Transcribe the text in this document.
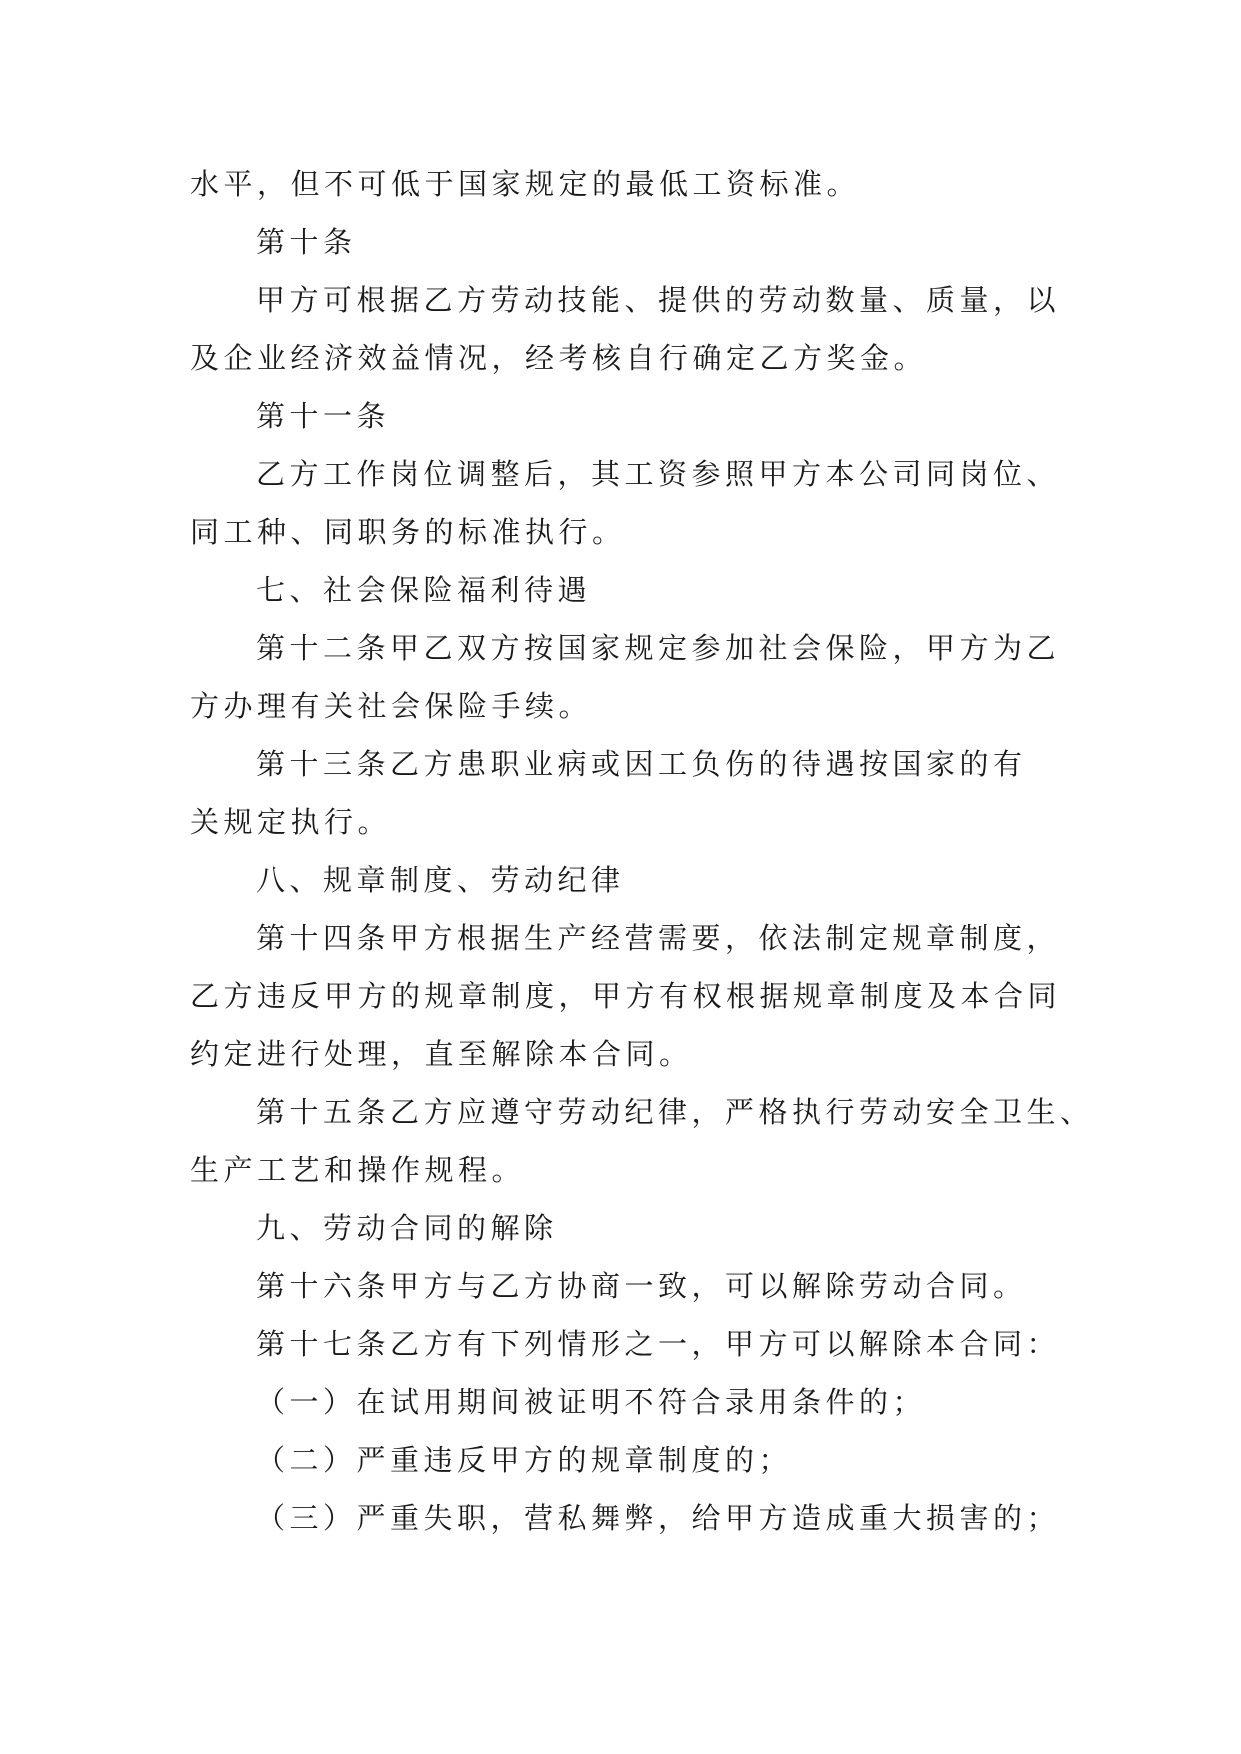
水平，但不可低于国家规定的最低工资标准。
第十条
甲方可根据乙方劳动技能、提供的劳动数量、质量，以
及企业经济效益情况，经考核自行确定乙方奖金。
第十一条
乙方工作岗位调整后，其工资参照甲方本公司同岗位、
同工种、同职务的标准执行。
七、社会保险福利待遇
第十二条甲乙双方按国家规定参加社会保险，甲方为乙
方办理有关社会保险手续。
第十三条乙方患职业病或因工负伤的待遇按国家的有
关规定执行。
八、规章制度、劳动纪律
第十四条甲方根据生产经营需要，依法制定规章制度，
乙方违反甲方的规章制度，甲方有权根据规章制度及本合同
约定进行处理，直至解除本合同。
第十五条乙方应遵守劳动纪律，严格执行劳动安全卫生、
生产工艺和操作规程。
九、劳动合同的解除
第十六条甲方与乙方协商一致，可以解除劳动合同。
第十七条乙方有下列情形之一，甲方可以解除本合同：
（一）在试用期间被证明不符合录用条件的；
（二）严重违反甲方的规章制度的；
（三）严重失职，营私舞弊，给甲方造成重大损害的；
